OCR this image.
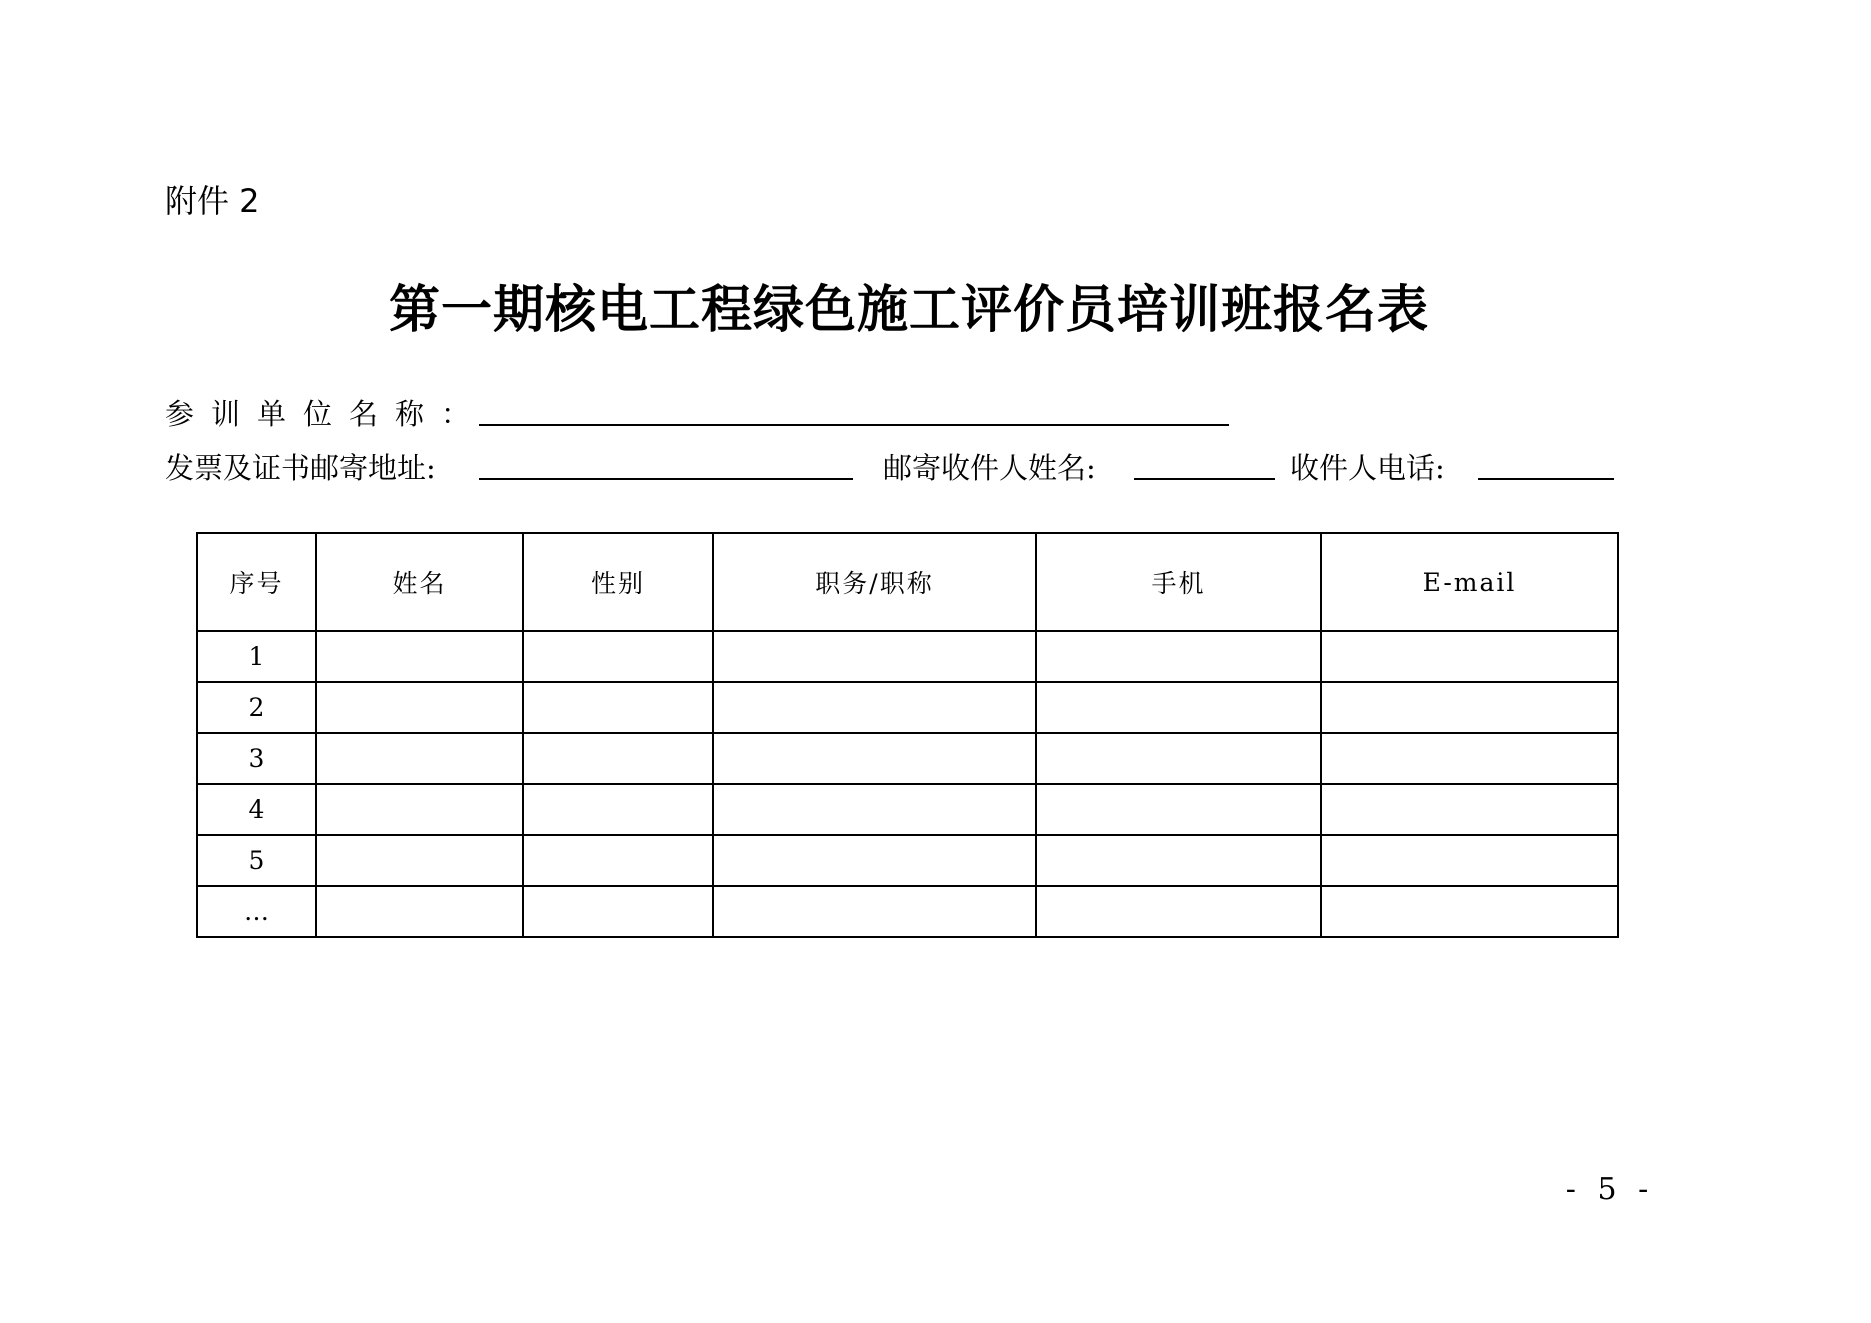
附件 2
第一期核电工程绿色施工评价员培训班报名表
参训单位名称：
发票及证书邮寄地址:	邮寄收件人姓名:	收件人电话:
序号	姓名	性别	职务/职称	手机	E-mail
1					
2					
3					
4					
5					
…					
- 5 -
